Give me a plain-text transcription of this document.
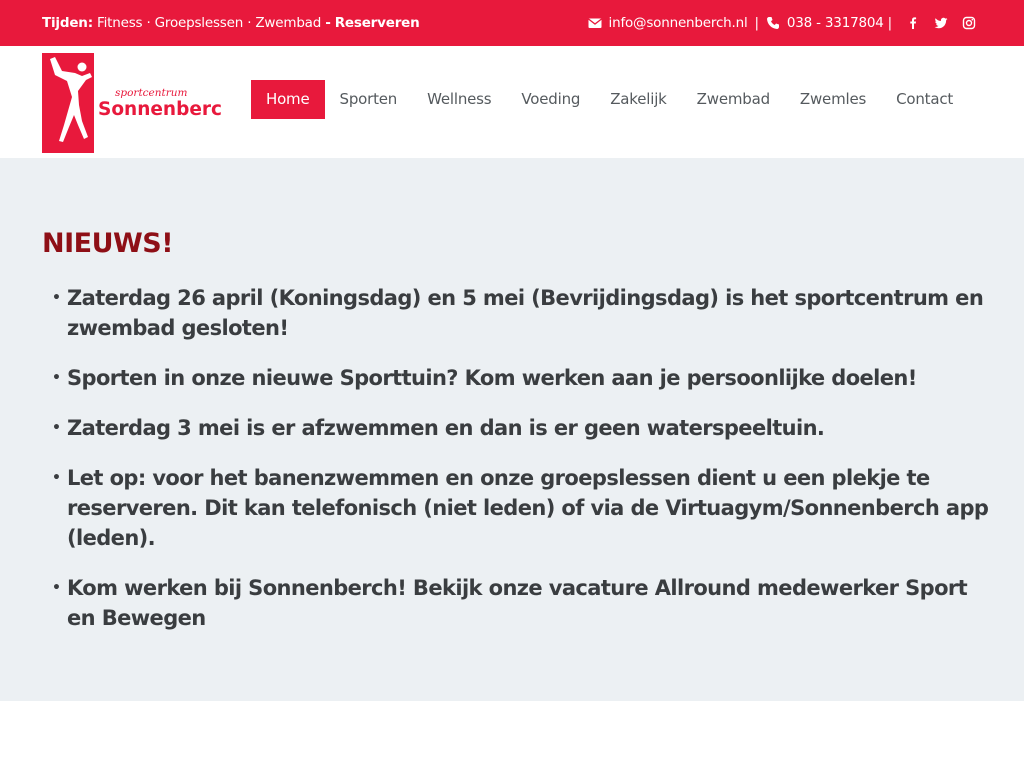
Tijden: Fitness · Groepslessen · Zwembad - Reserveren	info@sonnenberch.nl | 038 - 3317804 |
sportcentrum
Sonnenberch	Home	Sporten	Wellness	Voeding	Zakelijk	Zwembad	Zwemles	Contact
NIEUWS!
• Zaterdag 26 april (Koningsdag) en 5 mei (Bevrijdingsdag) is het sportcentrum en zwembad gesloten!
• Sporten in onze nieuwe Sporttuin? Kom werken aan je persoonlijke doelen!
• Zaterdag 3 mei is er afzwemmen en dan is er geen waterspeeltuin.
• Let op: voor het banenzwemmen en onze groepslessen dient u een plekje te reserveren. Dit kan telefonisch (niet leden) of via de Virtuagym/Sonnenberch app (leden).
• Kom werken bij Sonnenberch! Bekijk onze vacature Allround medewerker Sport en Bewegen
